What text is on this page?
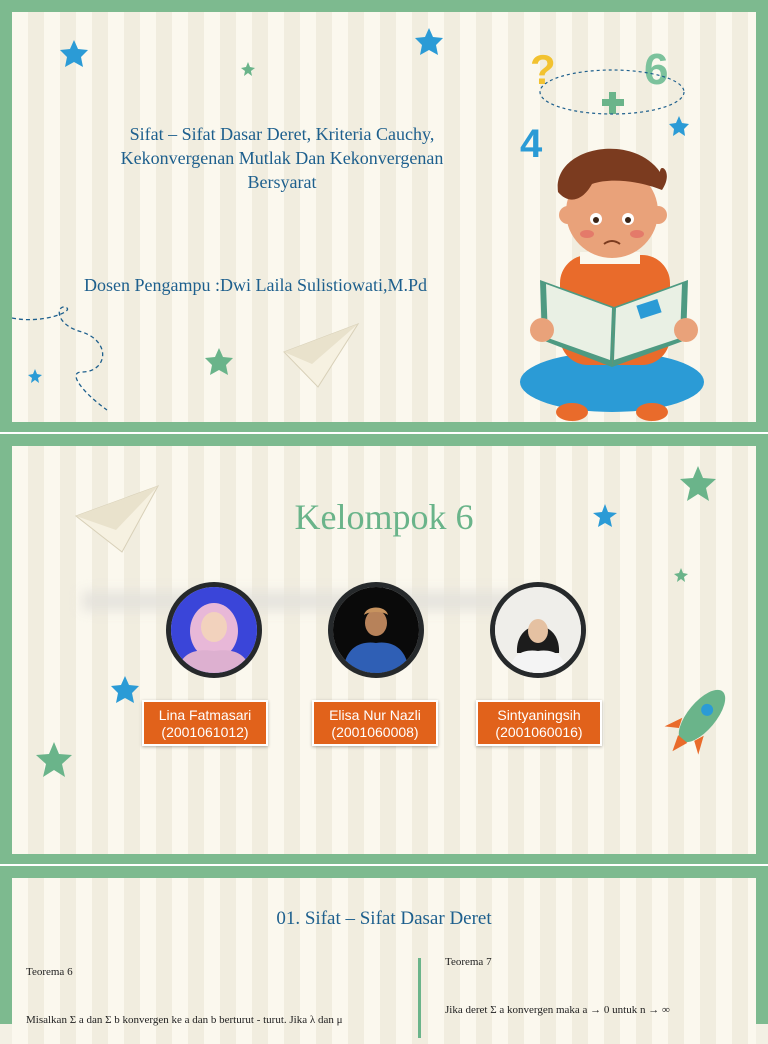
? 6
4
Sifat – Sifat Dasar Deret, Kriteria Cauchy,
Kekonvergenan Mutlak Dan Kekonvergenan
Bersyarat
Dosen Pengampu :Dwi Laila Sulistiowati,M.Pd
Kelompok 6
Lina Fatmasari
(2001061012)
Elisa Nur Nazli
(2001060008)
Sintyaningsih
(2001060016)
01. Sifat – Sifat Dasar Deret
Teorema 6
Misalkan Σ a dan Σ b konvergen ke a dan b berturut - turut. Jika λ dan μ
Teorema 7
Jika deret Σ a konvergen maka a → 0 untuk n → ∞
